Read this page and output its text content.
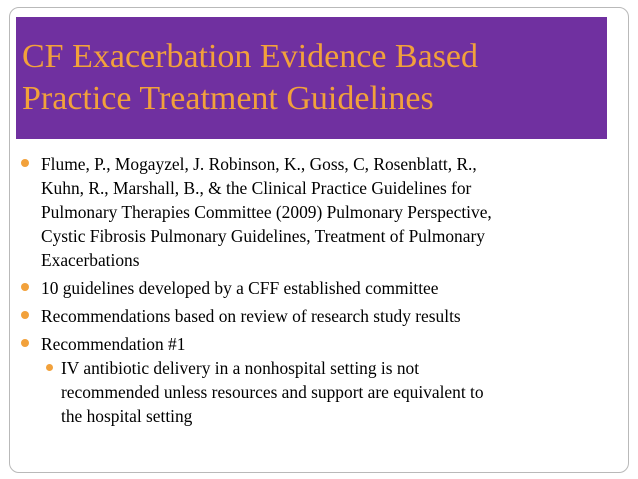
CF Exacerbation Evidence Based
Practice Treatment Guidelines
Flume, P., Mogayzel, J. Robinson, K., Goss, C, Rosenblatt, R.,
Kuhn, R., Marshall, B., & the Clinical Practice Guidelines for
Pulmonary Therapies Committee (2009) Pulmonary Perspective,
Cystic Fibrosis Pulmonary Guidelines, Treatment of Pulmonary
Exacerbations
10 guidelines developed by a CFF established committee
Recommendations based on review of research study results
Recommendation #1
IV antibiotic delivery in a nonhospital setting is not
recommended unless resources and support are equivalent to
the hospital setting
